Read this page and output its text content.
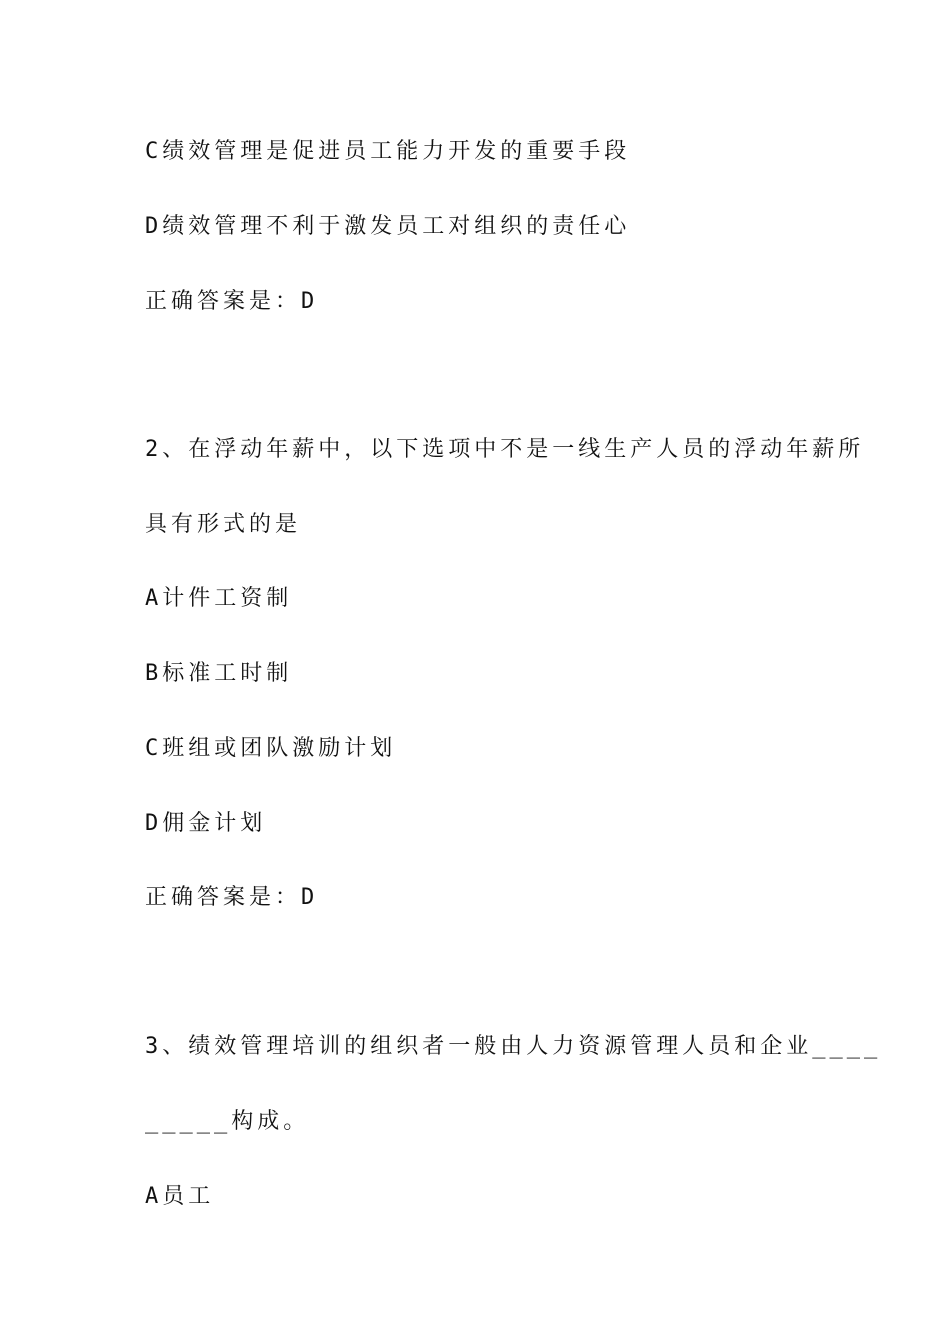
C绩效管理是促进员工能力开发的重要手段
D绩效管理不利于激发员工对组织的责任心
正确答案是：D
2、在浮动年薪中，以下选项中不是一线生产人员的浮动年薪所
具有形式的是
A计件工资制
B标准工时制
C班组或团队激励计划
D佣金计划
正确答案是：D
3、绩效管理培训的组织者一般由人力资源管理人员和企业____
_____构成。
A员工
